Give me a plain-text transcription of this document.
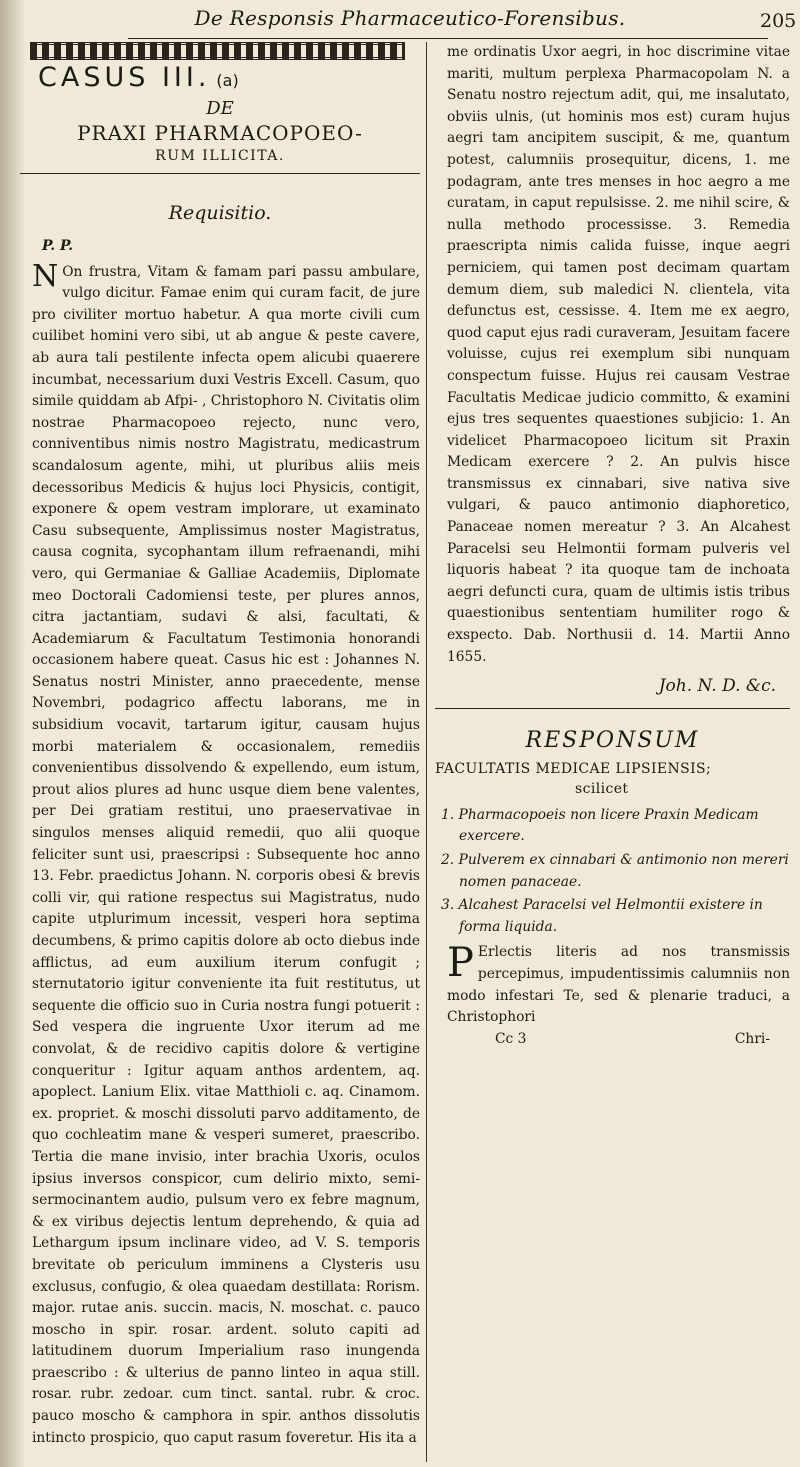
De Responsis Pharmaceutico-Forensibus.	205
CASUS III. (a)
DE
PRAXI PHARMACOPOEO-
RUM ILLICITA.
Requisitio.
P. P.
N On frustra, Vitam & famam pari passu ambulare, vulgo dicitur. Famae enim qui curam facit, de jure pro civiliter mortuo habetur. A qua morte civili cum cuilibet homini vero sibi, ut ab angue & peste cavere, ab aura tali pestilente infecta opem alicubi quaerere incumbat, necessarium duxi Vestris Excell. Casum, quo simile quiddam ab Afpi- , Christophoro N. Civitatis olim nostrae Pharmacopoeo rejecto, nunc vero, conniventibus nimis nostro Magistratu, medicastrum scandalosum agente, mihi, ut pluribus aliis meis decessoribus Medicis & hujus loci Physicis, contigit, exponere & opem vestram implorare, ut examinato Casu subsequente, Amplissimus noster Magistratus, causa cognita, sycophantam illum refraenandi, mihi vero, qui Germaniae & Galliae Academiis, Diplomate meo Doctorali Cadomiensi teste, per plures annos, citra jactantiam, sudavi & alsi, facultati, & Academiarum & Facultatum Testimonia honorandi occasionem habere queat. Casus hic est : Johannes N. Senatus nostri Minister, anno praecedente, mense Novembri, podagrico affectu laborans, me in subsidium vocavit, tartarum igitur, causam hujus morbi materialem & occasionalem, remediis convenientibus dissolvendo & expellendo, eum istum, prout alios plures ad hunc usque diem bene valentes, per Dei gratiam restitui, uno praeservativae in singulos menses aliquid remedii, quo alii quoque feliciter sunt usi, praescripsi : Subsequente hoc anno 13. Febr. praedictus Johann. N. corporis obesi & brevis colli vir, qui ratione respectus sui Magistratus, nudo capite utplurimum incessit, vesperi hora septima decumbens, & primo capitis dolore ab octo diebus inde afflictus, ad eum auxilium iterum confugit ; sternutatorio igitur conveniente ita fuit restitutus, ut sequente die officio suo in Curia nostra fungi potuerit : Sed vespera die ingruente Uxor iterum ad me convolat, & de recidivo capitis dolore & vertigine conqueritur : Igitur aquam anthos ardentem, aq. apoplect. Lanium Elix. vitae Matthioli c. aq. Cinamom. ex. propriet. & moschi dissoluti parvo additamento, de quo cochleatim mane & vesperi sumeret, praescribo. Tertia die mane invisio, inter brachia Uxoris, oculos ipsius inversos conspicor, cum delirio mixto, semi-sermocinantem audio, pulsum vero ex febre magnum, & ex viribus dejectis lentum deprehendo, & quia ad Lethargum ipsum inclinare video, ad V. S. temporis brevitate ob periculum imminens a Clysteris usu exclusus, confugio, & olea quaedam destillata: Rorism. major. rutae anis. succin. macis, N. moschat. c. pauco moscho in spir. rosar. ardent. soluto capiti ad latitudinem duorum Imperialium raso inungenda praescribo : & ulterius de panno linteo in aqua still. rosar. rubr. zedoar. cum tinct. santal. rubr. & croc. pauco moscho & camphora in spir. anthos dissolutis intincto prospicio, quo caput rasum foveretur. His ita a
me ordinatis Uxor aegri, in hoc discrimine vitae mariti, multum perplexa Pharmacopolam N. a Senatu nostro rejectum adit, qui, me insalutato, obviis ulnis, (ut hominis mos est) curam hujus aegri tam ancipitem suscipit, & me, quantum potest, calumniis prosequitur, dicens, 1. me podagram, ante tres menses in hoc aegro a me curatam, in caput repulsisse. 2. me nihil scire, & nulla methodo processisse. 3. Remedia praescripta nimis calida fuisse, inque aegri perniciem, qui tamen post decimam quartam demum diem, sub maledici N. clientela, vita defunctus est, cessisse. 4. Item me ex aegro, quod caput ejus radi curaveram, Jesuitam facere voluisse, cujus rei exemplum sibi nunquam conspectum fuisse. Hujus rei causam Vestrae Facultatis Medicae judicio committo, & examini ejus tres sequentes quaestiones subjicio: 1. An videlicet Pharmacopoeo licitum sit Praxin Medicam exercere ? 2. An pulvis hisce transmissus ex cinnabari, sive nativa sive vulgari, & pauco antimonio diaphoretico, Panaceae nomen mereatur ? 3. An Alcahest Paracelsi seu Helmontii formam pulveris vel liquoris habeat ? ita quoque tam de inchoata aegri defuncti cura, quam de ultimis istis tribus quaestionibus sententiam humiliter rogo & exspecto. Dab. Northusii d. 14. Martii Anno 1655.
Joh. N. D. &c.
RESPONSUM
FACULTATIS MEDICAE LIPSIENSIS;
scilicet
1. Pharmacopoeis non licere Praxin Medicam exercere.
2. Pulverem ex cinnabari & antimonio non mereri nomen panaceae.
3. Alcahest Paracelsi vel Helmontii existere in forma liquida.
P Erlectis literis ad nos transmissis percepimus, impudentissimis calumniis non modo infestari Te, sed & plenarie traduci, a Christophori
Cc 3	Chri-
